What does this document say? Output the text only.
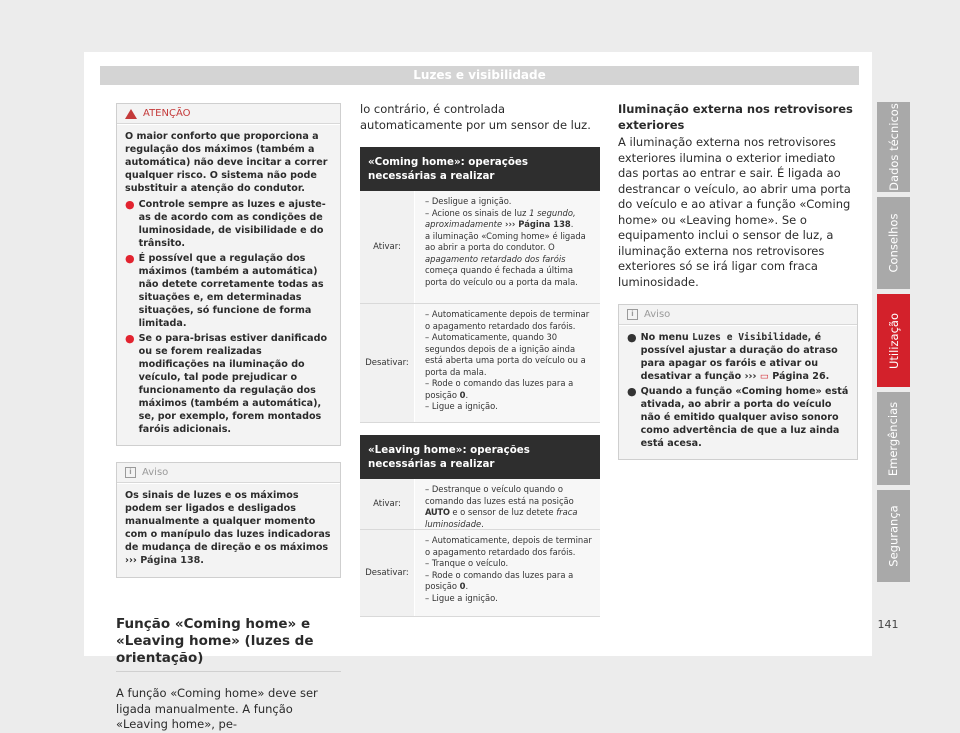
Luzes e visibilidade
ATENÇÃO

O maior conforto que proporciona a regulação dos máximos (também a automática) não deve incitar a correr qualquer risco. O sistema não pode substituir a atenção do condutor.

● Controle sempre as luzes e ajuste-as de acordo com as condições de luminosidade, de visibilidade e do trânsito.
● É possível que a regulação dos máximos (também a automática) não detete corretamente todas as situações e, em determinadas situações, só funcione de forma limitada.
● Se o para-brisas estiver danificado ou se forem realizadas modificações na iluminação do veículo, tal pode prejudicar o funcionamento da regulação dos máximos (também a automática), se, por exemplo, forem montados faróis adicionais.
i	Aviso

Os sinais de luzes e os máximos podem ser ligados e desligados manualmente a qualquer momento com o manípulo das luzes indicadoras de mudança de direção e os máximos ››› Página 138.

Função «Coming home» e «Leaving home» (luzes de orientação)

A função «Coming home» deve ser ligada manualmente. A função «Leaving home», pe-

lo contrário, é controlada automaticamente por um sensor de luz.

«Coming home»: operações necessárias a realizar
Ativar:
– Desligue a ignição.
– Acione os sinais de luz 1 segundo, aproximadamente ››› Página 138.
a iluminação «Coming home» é ligada ao abrir a porta do condutor. O apagamento retardado dos faróis começa quando é fechada a última porta do veículo ou a porta da mala.
Desativar:
– Automaticamente depois de terminar o apagamento retardado dos faróis.
– Automaticamente, quando 30 segundos depois de a ignição ainda está aberta uma porta do veículo ou a porta da mala.
– Rode o comando das luzes para a posição 0.
– Ligue a ignição.
«Leaving home»: operações necessárias a realizar
Ativar:
– Destranque o veículo quando o comando das luzes está na posição AUTO e o sensor de luz detete fraca luminosidade.
Desativar:
– Automaticamente, depois de terminar o apagamento retardado dos faróis.
– Tranque o veículo.
– Rode o comando das luzes para a posição 0.
– Ligue a ignição.

Iluminação externa nos retrovisores exteriores

A iluminação externa nos retrovisores exteriores ilumina o exterior imediato das portas ao entrar e sair. É ligada ao destrancar o veículo, ao abrir uma porta do veículo e ao ativar a função «Coming home» ou «Leaving home». Se o equipamento inclui o sensor de luz, a iluminação externa nos retrovisores exteriores só se irá ligar com fraca luminosidade.

i	Aviso
● No menu Luzes e Visibilidade, é possível ajustar a duração do atraso para apagar os faróis e ativar ou desativar a função ››› ▭ Página 26.
● Quando a função «Coming home» está ativada, ao abrir a porta do veículo não é emitido qualquer aviso sonoro como advertência de que a luz ainda está acesa.
Dados técnicos
Conselhos
Utilização
Emergências
Segurança
141
